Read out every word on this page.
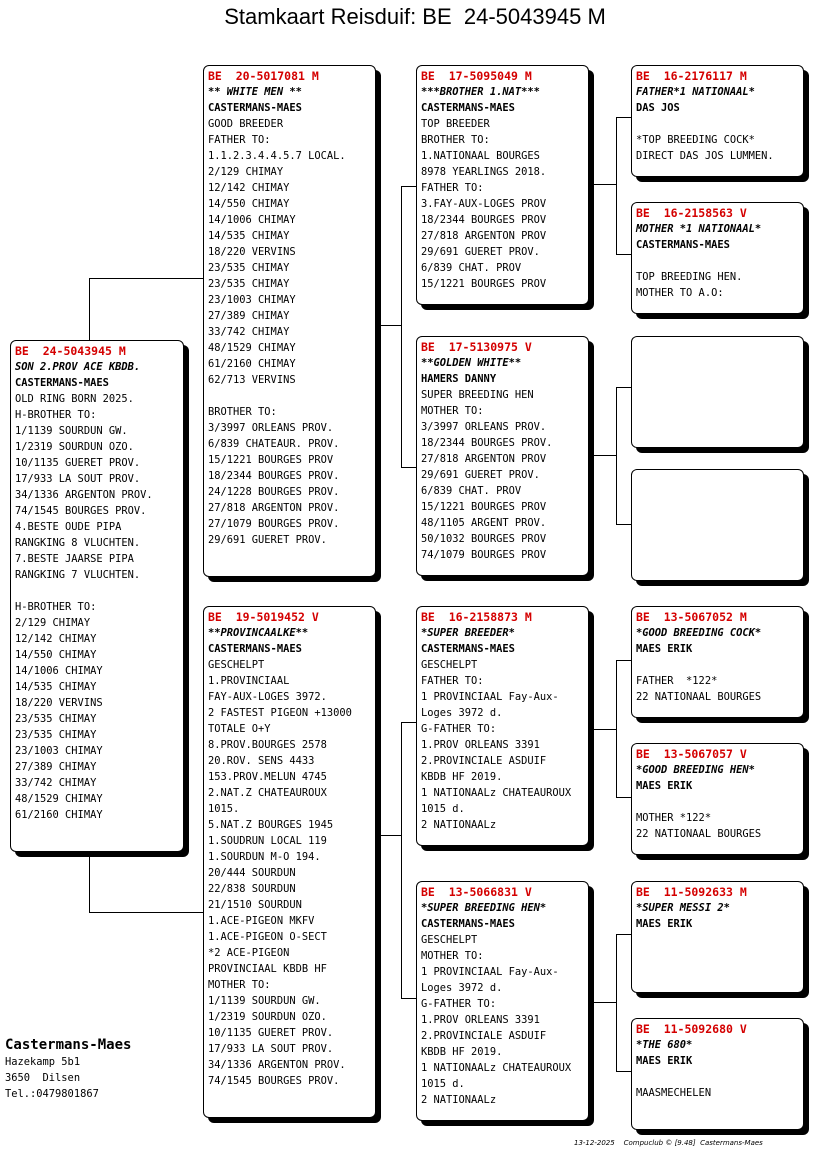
Stamkaart Reisduif: BE  24-5043945 M
BE  24-5043945 M
SON 2.PROV ACE KBDB.
CASTERMANS-MAES
OLD RING BORN 2025.
H-BROTHER TO:
1/1139 SOURDUN GW.
1/2319 SOURDUN OZO.
10/1135 GUERET PROV.
17/933 LA SOUT PROV.
34/1336 ARGENTON PROV.
74/1545 BOURGES PROV.
4.BESTE OUDE PIPA
RANGKING 8 VLUCHTEN.
7.BESTE JAARSE PIPA
RANGKING 7 VLUCHTEN.

H-BROTHER TO:
2/129 CHIMAY
12/142 CHIMAY
14/550 CHIMAY
14/1006 CHIMAY
14/535 CHIMAY
18/220 VERVINS
23/535 CHIMAY
23/535 CHIMAY
23/1003 CHIMAY
27/389 CHIMAY
33/742 CHIMAY
48/1529 CHIMAY
61/2160 CHIMAY
BE  20-5017081 M
** WHITE MEN **
CASTERMANS-MAES
GOOD BREEDER
FATHER TO:
1.1.2.3.4.4.5.7 LOCAL.
2/129 CHIMAY
12/142 CHIMAY
14/550 CHIMAY
14/1006 CHIMAY
14/535 CHIMAY
18/220 VERVINS
23/535 CHIMAY
23/535 CHIMAY
23/1003 CHIMAY
27/389 CHIMAY
33/742 CHIMAY
48/1529 CHIMAY
61/2160 CHIMAY
62/713 VERVINS

BROTHER TO:
3/3997 ORLEANS PROV.
6/839 CHATEAUR. PROV.
15/1221 BOURGES PROV
18/2344 BOURGES PROV.
24/1228 BOURGES PROV.
27/818 ARGENTON PROV.
27/1079 BOURGES PROV.
29/691 GUERET PROV.
BE  19-5019452 V
**PROVINCAALKE**
CASTERMANS-MAES
GESCHELPT
1.PROVINCIAAL
FAY-AUX-LOGES 3972.
2 FASTEST PIGEON +13000
TOTALE O+Y
8.PROV.BOURGES 2578
20.ROV. SENS 4433
153.PROV.MELUN 4745
2.NAT.Z CHATEAUROUX
1015.
5.NAT.Z BOURGES 1945
1.SOUDRUN LOCAL 119
1.SOURDUN M-O 194.
20/444 SOURDUN
22/838 SOURDUN
21/1510 SOURDUN
1.ACE-PIGEON MKFV
1.ACE-PIGEON O-SECT
*2 ACE-PIGEON
PROVINCIAAL KBDB HF
MOTHER TO:
1/1139 SOURDUN GW.
1/2319 SOURDUN OZO.
10/1135 GUERET PROV.
17/933 LA SOUT PROV.
34/1336 ARGENTON PROV.
74/1545 BOURGES PROV.
BE  17-5095049 M
***BROTHER 1.NAT***
CASTERMANS-MAES
TOP BREEDER
BROTHER TO:
1.NATIONAAL BOURGES
8978 YEARLINGS 2018.
FATHER TO:
3.FAY-AUX-LOGES PROV
18/2344 BOURGES PROV
27/818 ARGENTON PROV
29/691 GUERET PROV.
6/839 CHAT. PROV
15/1221 BOURGES PROV
BE  17-5130975 V
**GOLDEN WHITE**
HAMERS DANNY
SUPER BREEDING HEN
MOTHER TO:
3/3997 ORLEANS PROV.
18/2344 BOURGES PROV.
27/818 ARGENTON PROV
29/691 GUERET PROV.
6/839 CHAT. PROV
15/1221 BOURGES PROV
48/1105 ARGENT PROV.
50/1032 BOURGES PROV
74/1079 BOURGES PROV
BE  16-2158873 M
*SUPER BREEDER*
CASTERMANS-MAES
GESCHELPT
FATHER TO:
1 PROVINCIAAL Fay-Aux-
Loges 3972 d.
G-FATHER TO:
1.PROV ORLEANS 3391
2.PROVINCIALE ASDUIF
KBDB HF 2019.
1 NATIONAALz CHATEAUROUX
1015 d.
2 NATIONAALz
BE  13-5066831 V
*SUPER BREEDING HEN*
CASTERMANS-MAES
GESCHELPT
MOTHER TO:
1 PROVINCIAAL Fay-Aux-
Loges 3972 d.
G-FATHER TO:
1.PROV ORLEANS 3391
2.PROVINCIALE ASDUIF
KBDB HF 2019.
1 NATIONAALz CHATEAUROUX
1015 d.
2 NATIONAALz
BE  16-2176117 M
FATHER*1 NATIONAAL*
DAS JOS

*TOP BREEDING COCK*
DIRECT DAS JOS LUMMEN.
BE  16-2158563 V
MOTHER *1 NATIONAAL*
CASTERMANS-MAES

TOP BREEDING HEN.
MOTHER TO A.O:
BE  13-5067052 M
*GOOD BREEDING COCK*
MAES ERIK

FATHER  *122*
22 NATIONAAL BOURGES
BE  13-5067057 V
*GOOD BREEDING HEN*
MAES ERIK

MOTHER *122*
22 NATIONAAL BOURGES
BE  11-5092633 M
*SUPER MESSI 2*
MAES ERIK
BE  11-5092680 V
*THE 680*
MAES ERIK

MAASMECHELEN
Castermans-Maes
Hazekamp 5b1
3650  Dilsen
Tel.:0479801867
13-12-2025    Compuclub © [9.48]  Castermans-Maes
